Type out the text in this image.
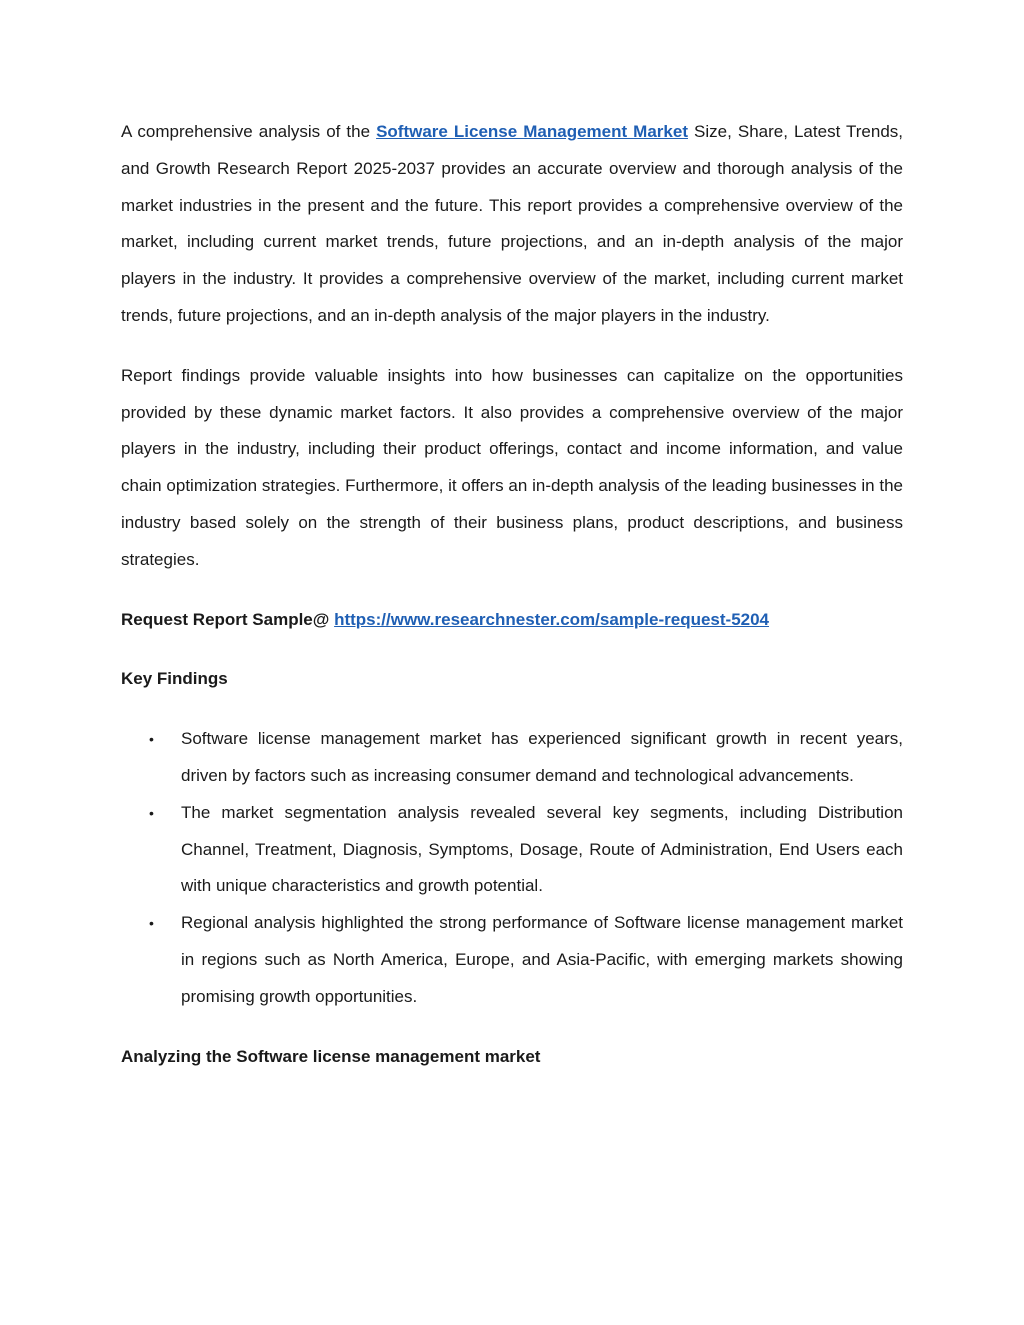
A comprehensive analysis of the Software License Management Market Size, Share, Latest Trends, and Growth Research Report 2025-2037 provides an accurate overview and thorough analysis of the market industries in the present and the future. This report provides a comprehensive overview of the market, including current market trends, future projections, and an in-depth analysis of the major players in the industry. It provides a comprehensive overview of the market, including current market trends, future projections, and an in-depth analysis of the major players in the industry.

Report findings provide valuable insights into how businesses can capitalize on the opportunities provided by these dynamic market factors. It also provides a comprehensive overview of the major players in the industry, including their product offerings, contact and income information, and value chain optimization strategies. Furthermore, it offers an in-depth analysis of the leading businesses in the industry based solely on the strength of their business plans, product descriptions, and business strategies.

Request Report Sample@ https://www.researchnester.com/sample-request-5204

Key Findings

• Software license management market has experienced significant growth in recent years, driven by factors such as increasing consumer demand and technological advancements.
• The market segmentation analysis revealed several key segments, including Distribution Channel, Treatment, Diagnosis, Symptoms, Dosage, Route of Administration, End Users each with unique characteristics and growth potential.
• Regional analysis highlighted the strong performance of Software license management market in regions such as North America, Europe, and Asia-Pacific, with emerging markets showing promising growth opportunities.

Analyzing the Software license management market
